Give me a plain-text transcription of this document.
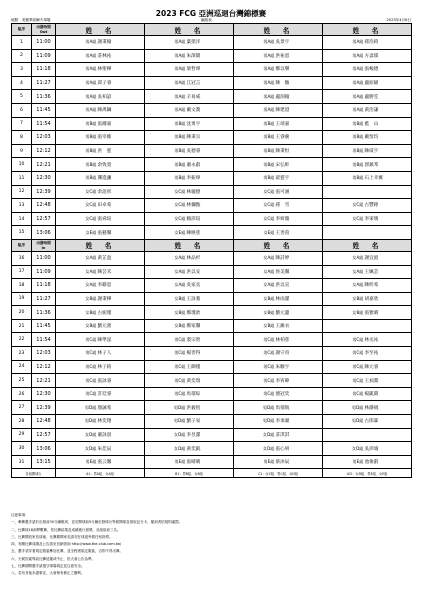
2023 FCG 亞洲巡迴台灣錦標賽
地點：美麗華高爾夫球場	編組表	2023年4月6日
組序	出發時間
Out	姓　名	姓　名	姓　名	姓　名
1	11:00	男A組謝秉翰	男A組葉榮洋	男A組吳景宇	男A組孫浩鈞
2	11:09	男A組莊林祐	男A組朱澤閎	男A組洪祐恩	男A組方彥儒
3	11:18	男A組林聖樺	男A組梁哲瑋	男A組鄭以樂	男A組張峻德
4	11:27	男A組邱子睿	男A組江冠言	男A組陳　駿	男A組盧紹穎
5	11:36	男A組吳柏諺	男A組辛易威	男A組盧沺翰	男A組盧勝笙
6	11:45	男A組陳禹鑰	男A組戴文喬	男A組陳建澄	男A組黃浩謙
7	11:54	男B組張爾嘉	男B組沈勇宇	男B組王靖嘉	男B組藍　山
8	12:03	男B組張宰維	男B組陳秉宗	男B組王睿慶	男B組戴愷均
9	12:12	男B組洪　霆	男B組吳德睿	男B組陳秉恒	男B組陳威宇
10	12:21	男B組余致寬	男B組蕭永叡	男B組宋弘軒	男B組郭鎮邦
11	12:30	男B組龔進濂	男B組李振瑋	男B組翟霆宇	男B組石上幸翼
12	12:39	女C組余語彤	女C組林瓏德	女C組張可涵	
13	12:48	女C組田卓希	女C組林彌甄	女C組孫　雪	女C組古豐錚
14	12:57	女C組張舜瑄	女C組賴沛瑄	女C組李妍璇	女C組李寀瑀
15	13:06	女E組張藝馨	女E組陳映慈	女E組王善茵	
組序	出發時間
In	姓　名	姓　名	姓　名	姓　名
16	11:00	女A組黃芷盈	女A組林品杉	女A組陳詩婷	女A組謝宜庭
17	11:09	女A組陳芸禾	女A組洪以安	女A組侯美馨	女A組王姵芸
18	11:18	女A組李辭恩	女A組吳家丞	女A組洪以宣	女A組陳昕希
19	11:27	女B組謝秉樺	女B組王詠蓁	女B組林雨潔	女B組胡嘉欣
20	11:36	女B組古妮瑾	女B組鄭瑾歆	女B組劉元蕙	女B組張雅晴
21	11:45	女B組劉元蕾	女B組鄭家馨	女B組王濰衣	
22	11:54	男C組陳準泓	男C組裘宗智	男C組林柏慈	男C組林丞祐
23	12:03	男C組林子人	男C組楊善得	男C組謝守晉	男C組李至祐
24	12:12	男C組林子鈞	男C組王御僅	男C組朱駿宇	男C組陳元睿
25	12:21	男C組張詠睿	男C組黃奕瑞	男C組李宥暐	男C組王昶喬
26	12:30	男C組許廷睿	男C組馬郁綜	男C組德冠奕	男C組楊凱閎
27	12:39	男D組顏誠希	男D組洪毅恆	男D組馬郁航	男D組林瀞硯
28	12:48	男D組林奕翔	男D組劉子易	男D組李承澔	男D組古郎霖
29	12:57	女D組蕭詠晨	女D組李昱潔	女D組莊淇淇	
30	13:06	女D組朱佳辰	女D組黃奕凱	女D組張心妍	女D組吳沛瑜
31	13:15	男E組張云馨	男E組張晴晴	男E組蔡沐辰	男E組池俊叡
各組開球台		A1：男A組、女A組	B1：男B組、女B組	C1：女C組、男C組、女D組	LV2：女D組、男E組、女E組
注意事項：
一、參賽選手請於出發前30分鐘報到，並於開球前5分鐘至發球台等候開球及領取記分卡，遲到者依規則處罰。
二、比賽採18洞桿數賽，依比賽結果及成績進行頒獎，各組取前三名。
三、比賽開放家長球童，比賽期間家長請勿在球道旁做任何指導。
四、有關比賽成績及公告請至官網查詢 http://www.the-club.com.tw/
五、選手須穿著規定服裝參加比賽，並全程著規定服裝，否則不得出賽。
六、天候因素導致比賽延遲或中止，依大會公告為準。
七、比賽期間選手請遵守球場規定並注意安全。
八、若有其他未盡事宜，大會保有修正之權利。
